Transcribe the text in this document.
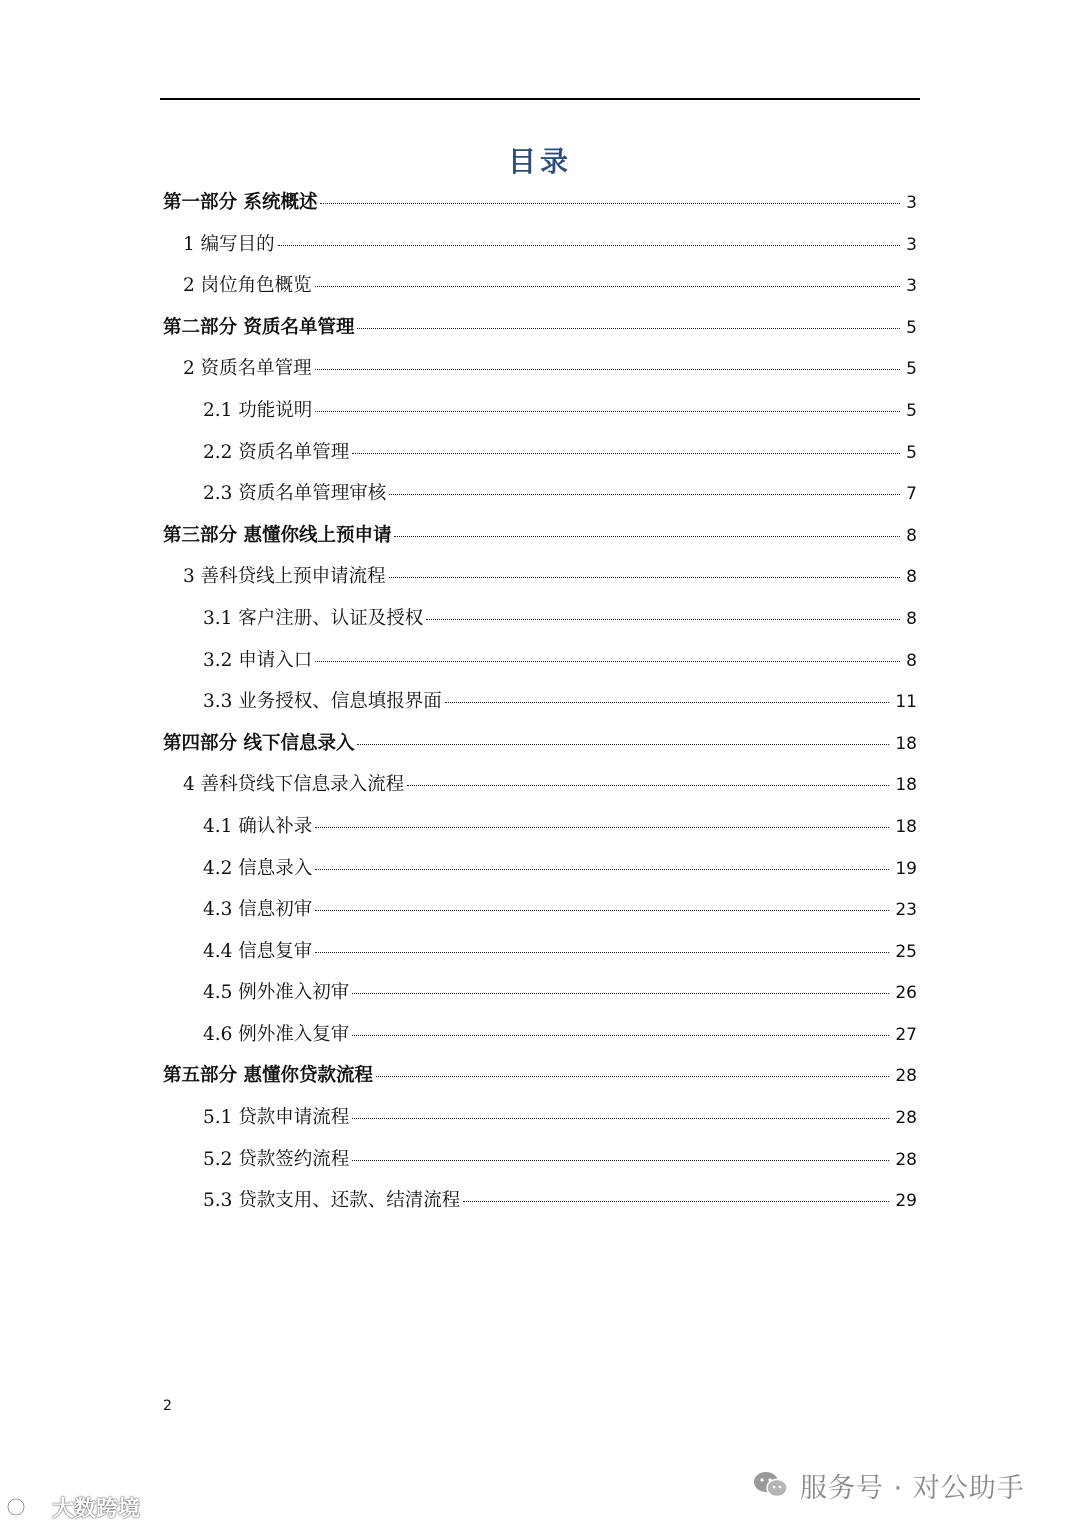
目录
第一部分 系统概述	3
1 编写目的	3
2 岗位角色概览	3
第二部分 资质名单管理	5
2 资质名单管理	5
2.1 功能说明	5
2.2 资质名单管理	5
2.3 资质名单管理审核	7
第三部分 惠懂你线上预申请	8
3 善科贷线上预申请流程	8
3.1 客户注册、认证及授权	8
3.2 申请入口	8
3.3 业务授权、信息填报界面	11
第四部分 线下信息录入	18
4 善科贷线下信息录入流程	18
4.1 确认补录	18
4.2 信息录入	19
4.3 信息初审	23
4.4 信息复审	25
4.5 例外准入初审	26
4.6 例外准入复审	27
第五部分 惠懂你贷款流程	28
5.1 贷款申请流程	28
5.2 贷款签约流程	28
5.3 贷款支用、还款、结清流程	29
2
服务号 · 对公助手
大数跨境
